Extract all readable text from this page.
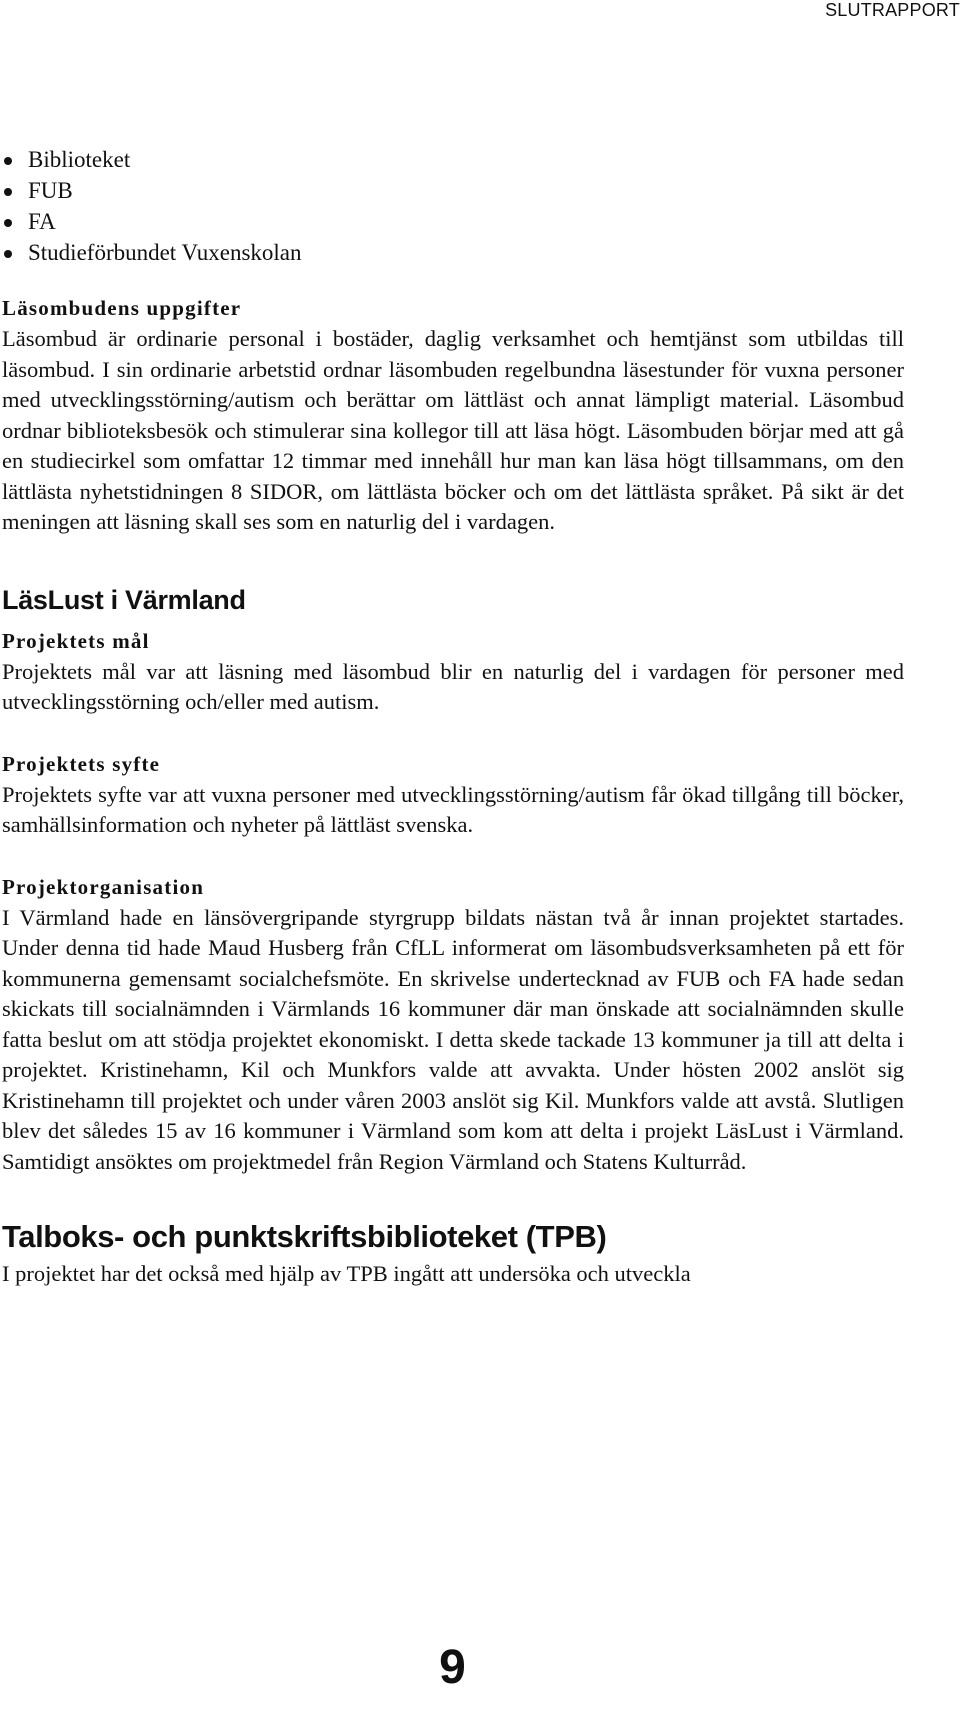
SLUTRAPPORT
Biblioteket
FUB
FA
Studieförbundet Vuxenskolan
Läsombudens uppgifter

Läsombud är ordinarie personal i bostäder, daglig verksamhet och hemtjänst som utbildas till läsombud. I sin ordinarie arbetstid ordnar läsombuden regelbundna läsestunder för vuxna personer med utvecklingsstörning/autism och berättar om lättläst och annat lämpligt material. Läsombud ordnar biblioteksbesök och stimulerar sina kollegor till att läsa högt. Läsombuden börjar med att gå en studiecirkel som omfattar 12 timmar med innehåll hur man kan läsa högt tillsammans, om den lättlästa nyhetstidningen 8 SIDOR, om lättlästa böcker och om det lättlästa språket. På sikt är det meningen att läsning skall ses som en naturlig del i vardagen.

LäsLust i Värmland
Projektets mål

Projektets mål var att läsning med läsombud blir en naturlig del i vardagen för personer med utvecklingsstörning och/eller med autism.

Projektets syfte

Projektets syfte var att vuxna personer med utvecklingsstörning/autism får ökad tillgång till böcker, samhällsinformation och nyheter på lättläst svenska.

Projektorganisation

I Värmland hade en länsövergripande styrgrupp bildats nästan två år innan projektet startades. Under denna tid hade Maud Husberg från CfLL informerat om läsombudsverksamheten på ett för kommunerna gemensamt socialchefsmöte. En skrivelse undertecknad av FUB och FA hade sedan skickats till socialnämnden i Värmlands 16 kommuner där man önskade att socialnämnden skulle fatta beslut om att stödja projektet ekonomiskt. I detta skede tackade 13 kommuner ja till att delta i projektet. Kristinehamn, Kil och Munkfors valde att avvakta. Under hösten 2002 anslöt sig Kristinehamn till projektet och under våren 2003 anslöt sig Kil. Munkfors valde att avstå. Slutligen blev det således 15 av 16 kommuner i Värmland som kom att delta i projekt LäsLust i Värmland. Samtidigt ansöktes om projektmedel från Region Värmland och Statens Kulturråd.

Talboks- och punktskriftsbiblioteket (TPB)

I projektet har det också med hjälp av TPB ingått att undersöka och utveckla

9
